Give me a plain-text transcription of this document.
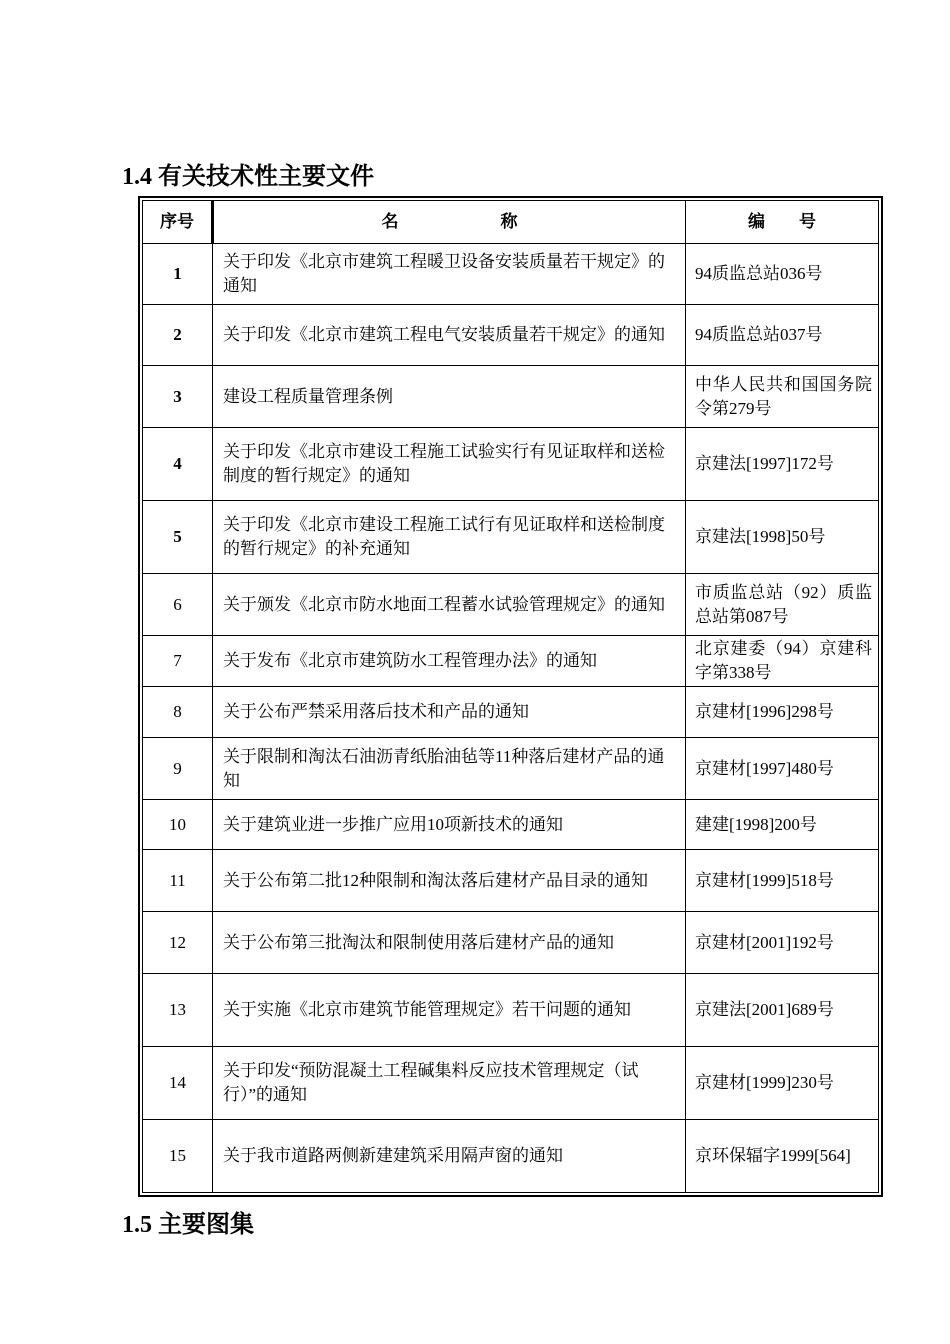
1.4 有关技术性主要文件
序号	名　　　　　　称	编　　号
1	关于印发《北京市建筑工程暖卫设备安装质量若干规定》的通知	94质监总站036号
2	关于印发《北京市建筑工程电气安装质量若干规定》的通知	94质监总站037号
3	建设工程质量管理条例	中华人民共和国国务院令第279号
4	关于印发《北京市建设工程施工试验实行有见证取样和送检制度的暂行规定》的通知	京建法[1997]172号
5	关于印发《北京市建设工程施工试行有见证取样和送检制度的暂行规定》的补充通知	京建法[1998]50号
6	关于颁发《北京市防水地面工程蓄水试验管理规定》的通知	市质监总站（92）质监总站第087号
7	关于发布《北京市建筑防水工程管理办法》的通知	北京建委（94）京建科字第338号
8	关于公布严禁采用落后技术和产品的通知	京建材[1996]298号
9	关于限制和淘汰石油沥青纸胎油毡等11种落后建材产品的通知	京建材[1997]480号
10	关于建筑业进一步推广应用10项新技术的通知	建建[1998]200号
11	关于公布第二批12种限制和淘汰落后建材产品目录的通知	京建材[1999]518号
12	关于公布第三批淘汰和限制使用落后建材产品的通知	京建材[2001]192号
13	关于实施《北京市建筑节能管理规定》若干问题的通知	京建法[2001]689号
14	关于印发“预防混凝土工程碱集料反应技术管理规定（试行）”的通知	京建材[1999]230号
15	关于我市道路两侧新建建筑采用隔声窗的通知	京环保辐字1999[564]
1.5 主要图集
